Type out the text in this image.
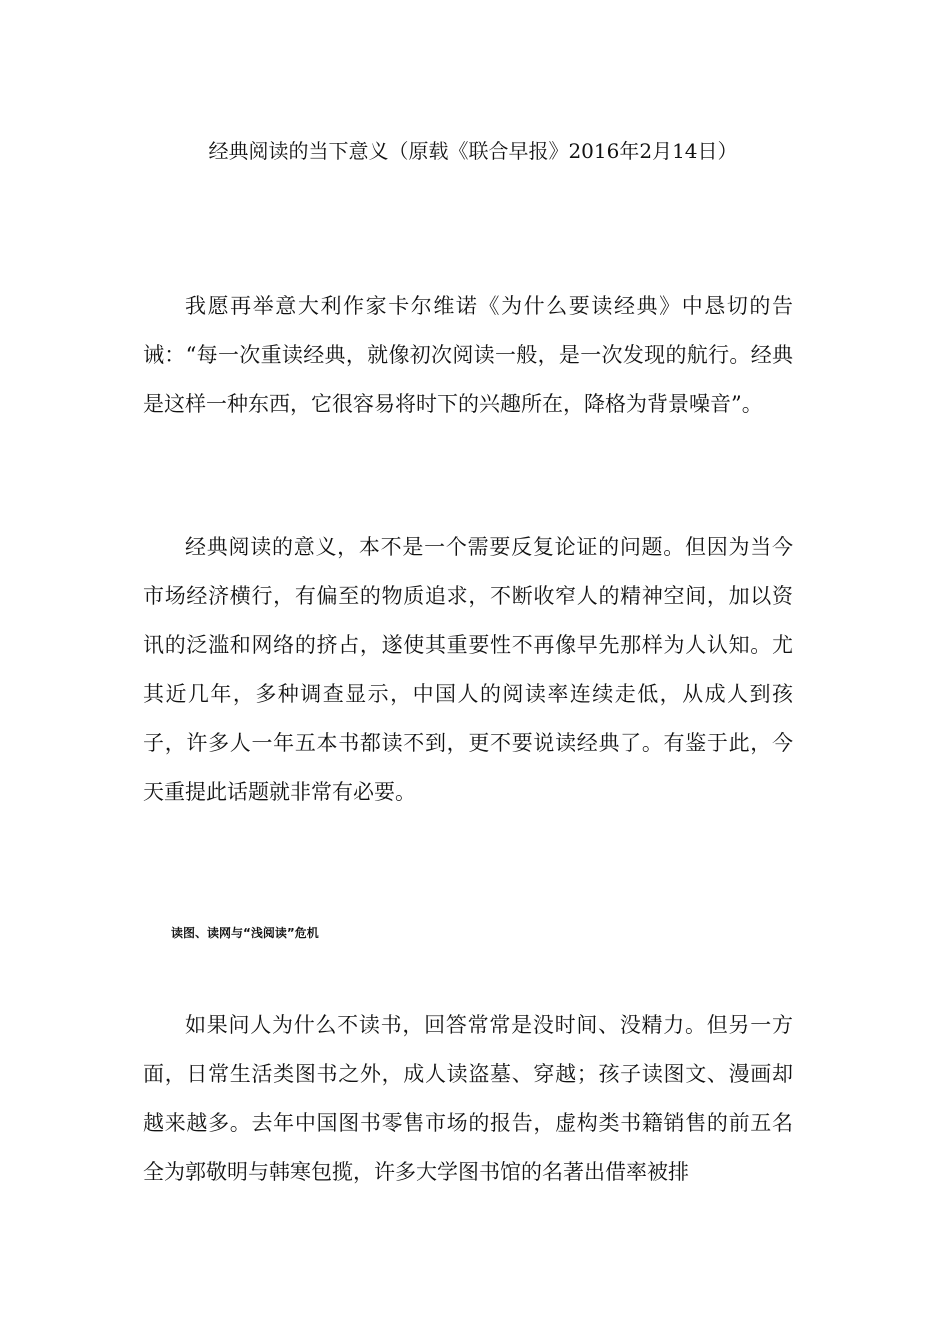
经典阅读的当下意义（原载《联合早报》2016年2月14日）

我愿再举意大利作家卡尔维诺《为什么要读经典》中恳切的告诫：“每一次重读经典，就像初次阅读一般，是一次发现的航行。经典是这样一种东西，它很容易将时下的兴趣所在，降格为背景噪音”。

经典阅读的意义，本不是一个需要反复论证的问题。但因为当今市场经济横行，有偏至的物质追求，不断收窄人的精神空间，加以资讯的泛滥和网络的挤占，遂使其重要性不再像早先那样为人认知。尤其近几年，多种调查显示，中国人的阅读率连续走低，从成人到孩子，许多人一年五本书都读不到，更不要说读经典了。有鉴于此，今天重提此话题就非常有必要。

读图、读网与“浅阅读”危机

如果问人为什么不读书，回答常常是没时间、没精力。但另一方面，日常生活类图书之外，成人读盗墓、穿越；孩子读图文、漫画却越来越多。去年中国图书零售市场的报告，虚构类书籍销售的前五名全为郭敬明与韩寒包揽，许多大学图书馆的名著出借率被排
